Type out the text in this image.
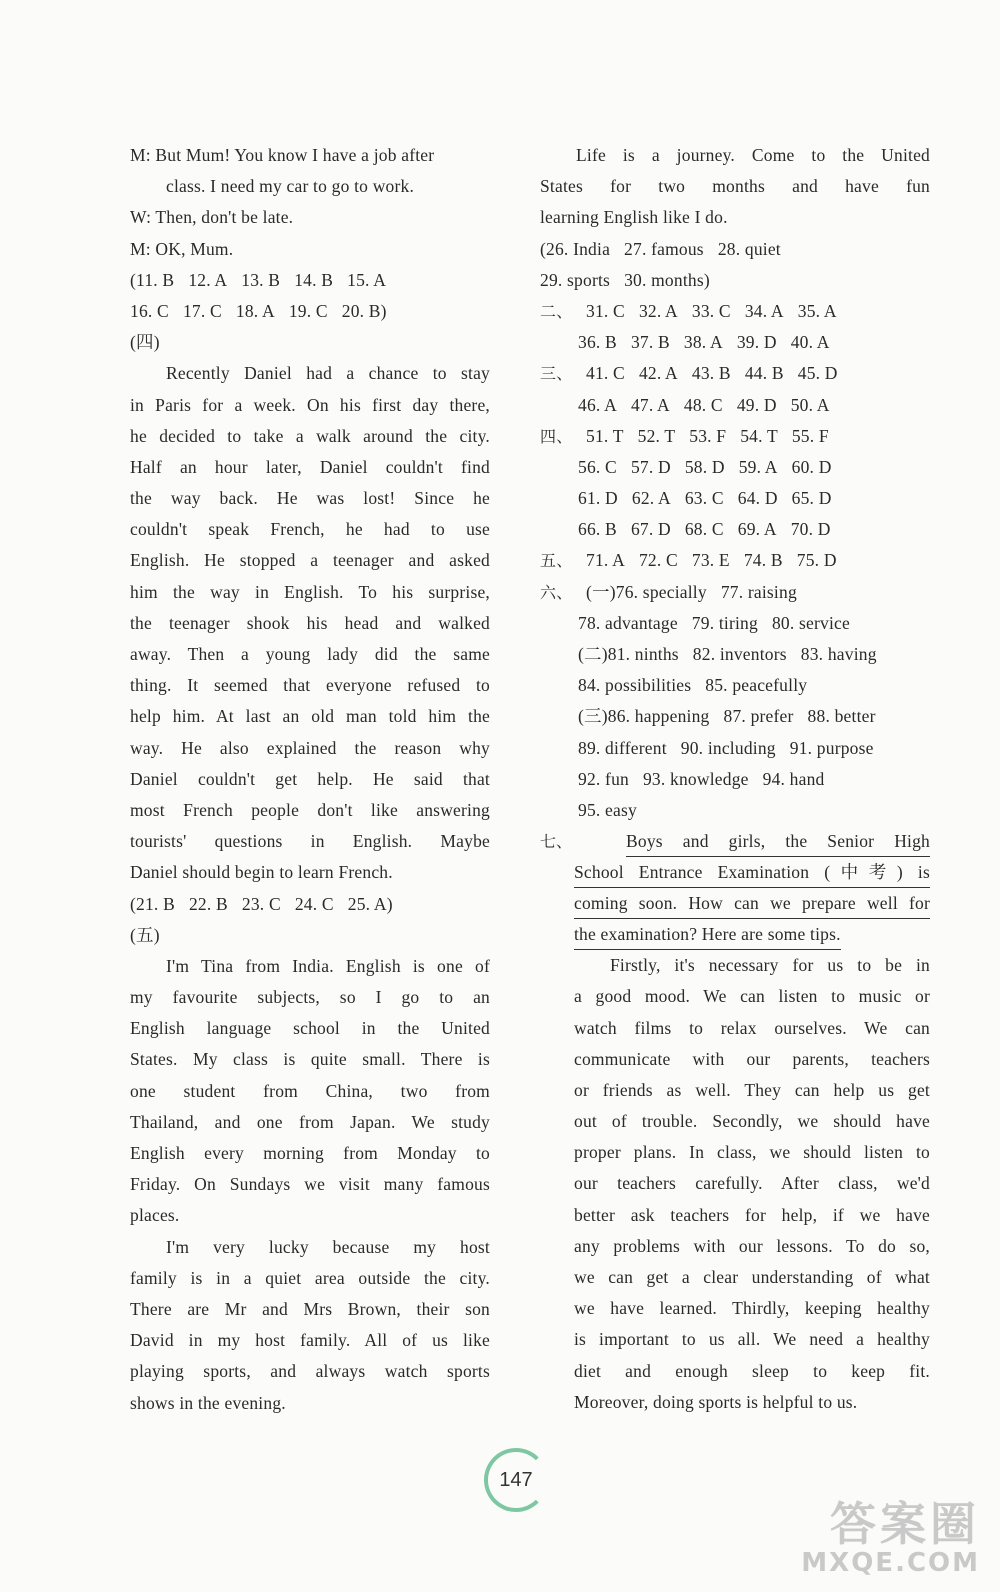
M: But Mum! You know I have a job after
class. I need my car to go to work.
W: Then, don't be late.
M: OK, Mum.
(11. B 12. A 13. B 14. B 15. A
16. C 17. C 18. A 19. C 20. B)
(四)
Recently Daniel had a chance to stay
in Paris for a week. On his first day there,
he decided to take a walk around the city.
Half an hour later, Daniel couldn't find
the way back. He was lost! Since he
couldn't speak French, he had to use
English. He stopped a teenager and asked
him the way in English. To his surprise,
the teenager shook his head and walked
away. Then a young lady did the same
thing. It seemed that everyone refused to
help him. At last an old man told him the
way. He also explained the reason why
Daniel couldn't get help. He said that
most French people don't like answering
tourists' questions in English. Maybe
Daniel should begin to learn French.
(21. B 22. B 23. C 24. C 25. A)
(五)
I'm Tina from India. English is one of
my favourite subjects, so I go to an
English language school in the United
States. My class is quite small. There is
one student from China, two from
Thailand, and one from Japan. We study
English every morning from Monday to
Friday. On Sundays we visit many famous
places.
I'm very lucky because my host
family is in a quiet area outside the city.
There are Mr and Mrs Brown, their son
David in my host family. All of us like
playing sports, and always watch sports
shows in the evening.
Life is a journey. Come to the United
States for two months and have fun
learning English like I do.
(26. India 27. famous 28. quiet
29. sports 30. months)
二、 31. C 32. A 33. C 34. A 35. A
36. B 37. B 38. A 39. D 40. A
三、 41. C 42. A 43. B 44. B 45. D
46. A 47. A 48. C 49. D 50. A
四、 51. T 52. T 53. F 54. T 55. F
56. C 57. D 58. D 59. A 60. D
61. D 62. A 63. C 64. D 65. D
66. B 67. D 68. C 69. A 70. D
五、 71. A 72. C 73. E 74. B 75. D
六、 (一)76. specially 77. raising
78. advantage 79. tiring 80. service
(二)81. ninths 82. inventors 83. having
84. possibilities 85. peacefully
(三)86. happening 87. prefer 88. better
89. different 90. including 91. purpose
92. fun 93. knowledge 94. hand
95. easy
七、	Boys and girls, the Senior High
School Entrance Examination (中考) is
coming soon. How can we prepare well for
the examination? Here are some tips.
Firstly, it's necessary for us to be in
a good mood. We can listen to music or
watch films to relax ourselves. We can
communicate with our parents, teachers
or friends as well. They can help us get
out of trouble. Secondly, we should have
proper plans. In class, we should listen to
our teachers carefully. After class, we'd
better ask teachers for help, if we have
any problems with our lessons. To do so,
we can get a clear understanding of what
we have learned. Thirdly, keeping healthy
is important to us all. We need a healthy
diet and enough sleep to keep fit.
Moreover, doing sports is helpful to us.
147
答案圈
MXQE.COM
